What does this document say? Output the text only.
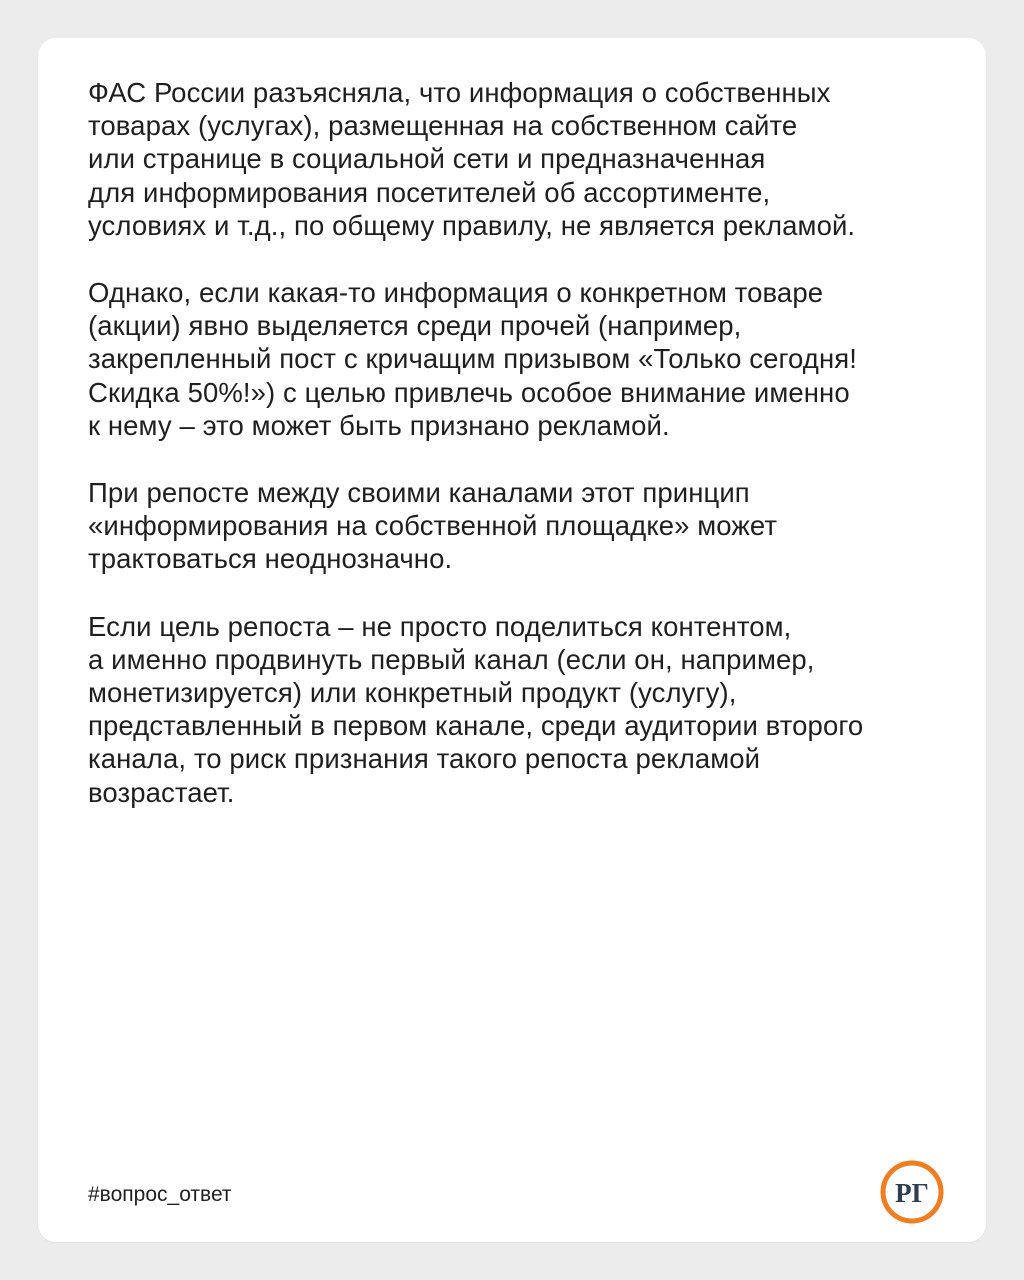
ФАС России разъясняла, что информация о собственных
товарах (услугах), размещенная на собственном сайте
или странице в социальной сети и предназначенная
для информирования посетителей об ассортименте,
условиях и т.д., по общему правилу, не является рекламой.
Однако, если какая-то информация о конкретном товаре
(акции) явно выделяется среди прочей (например,
закрепленный пост с кричащим призывом «Только сегодня!
Скидка 50%!») с целью привлечь особое внимание именно
к нему – это может быть признано рекламой.
При репосте между своими каналами этот принцип
«информирования на собственной площадке» может
трактоваться неоднозначно.
Если цель репоста – не просто поделиться контентом,
а именно продвинуть первый канал (если он, например,
монетизируется) или конкретный продукт (услугу),
представленный в первом канале, среди аудитории второго
канала, то риск признания такого репоста рекламой
возрастает.
#вопрос_ответ	РГ
